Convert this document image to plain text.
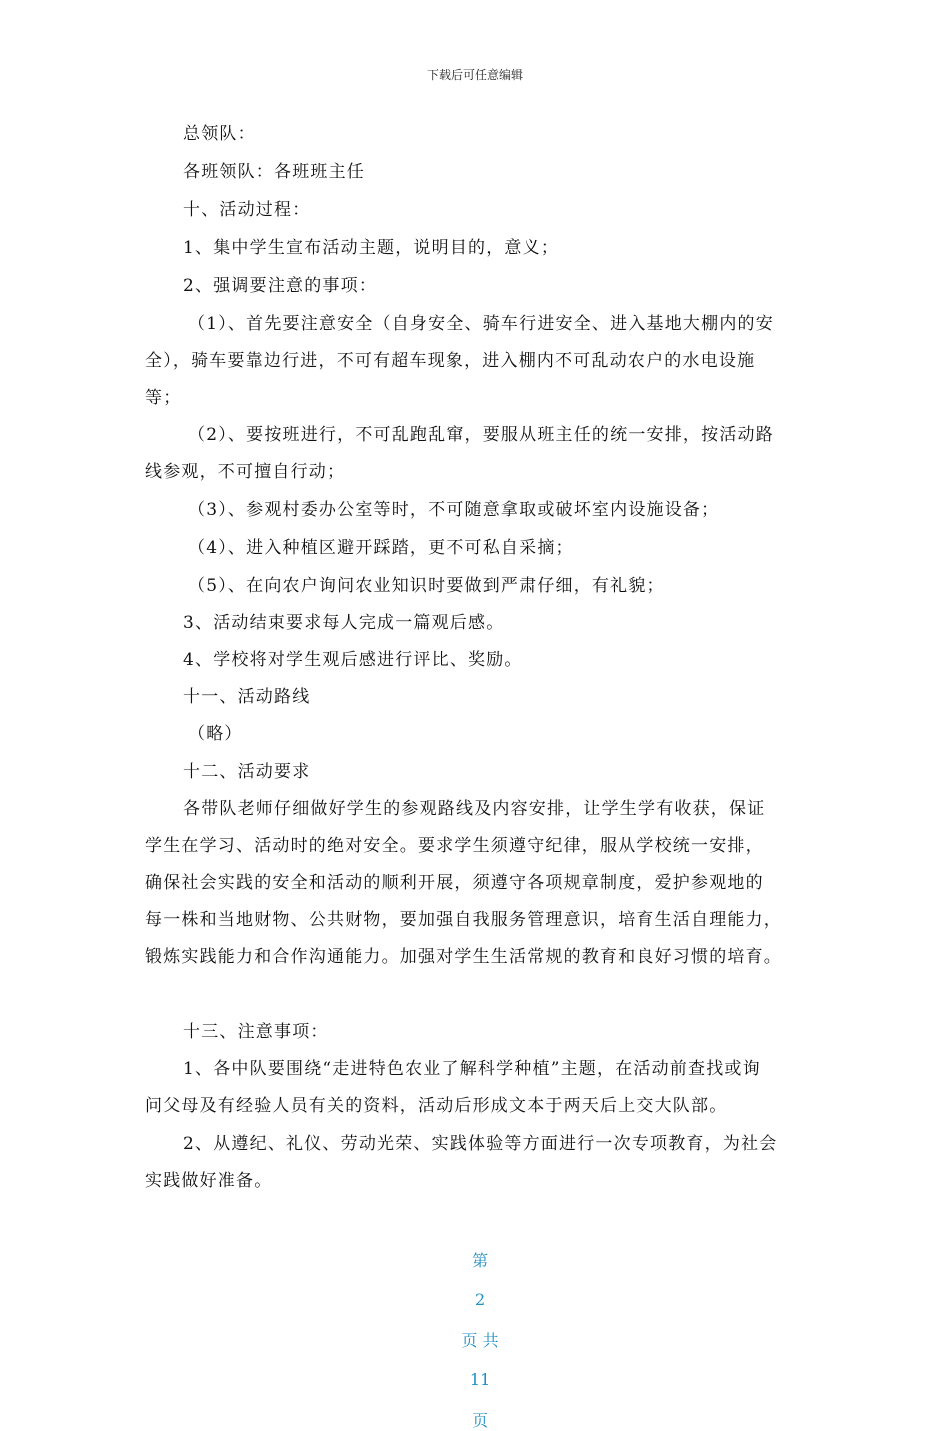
下载后可任意编辑
总领队：
各班领队：各班班主任
十、活动过程：
1、集中学生宣布活动主题，说明目的，意义；
2、强调要注意的事项：
（1）、首先要注意安全（自身安全、骑车行进安全、进入基地大棚内的安
全），骑车要靠边行进，不可有超车现象，进入棚内不可乱动农户的水电设施
等；
（2）、要按班进行，不可乱跑乱窜，要服从班主任的统一安排，按活动路
线参观，不可擅自行动；
（3）、参观村委办公室等时，不可随意拿取或破坏室内设施设备；
（4）、进入种植区避开踩踏，更不可私自采摘；
（5）、在向农户询问农业知识时要做到严肃仔细，有礼貌；
3、活动结束要求每人完成一篇观后感。
4、学校将对学生观后感进行评比、奖励。
十一、活动路线
（略）
十二、活动要求
各带队老师仔细做好学生的参观路线及内容安排，让学生学有收获，保证
学生在学习、活动时的绝对安全。要求学生须遵守纪律，服从学校统一安排，
确保社会实践的安全和活动的顺利开展，须遵守各项规章制度，爱护参观地的
每一株和当地财物、公共财物，要加强自我服务管理意识，培育生活自理能力，
锻炼实践能力和合作沟通能力。加强对学生生活常规的教育和良好习惯的培育。
十三、注意事项：
1、各中队要围绕“走进特色农业了解科学种植”主题，在活动前查找或询
问父母及有经验人员有关的资料，活动后形成文本于两天后上交大队部。
2、从遵纪、礼仪、劳动光荣、实践体验等方面进行一次专项教育，为社会
实践做好准备。

第

2

页 共

11

页
